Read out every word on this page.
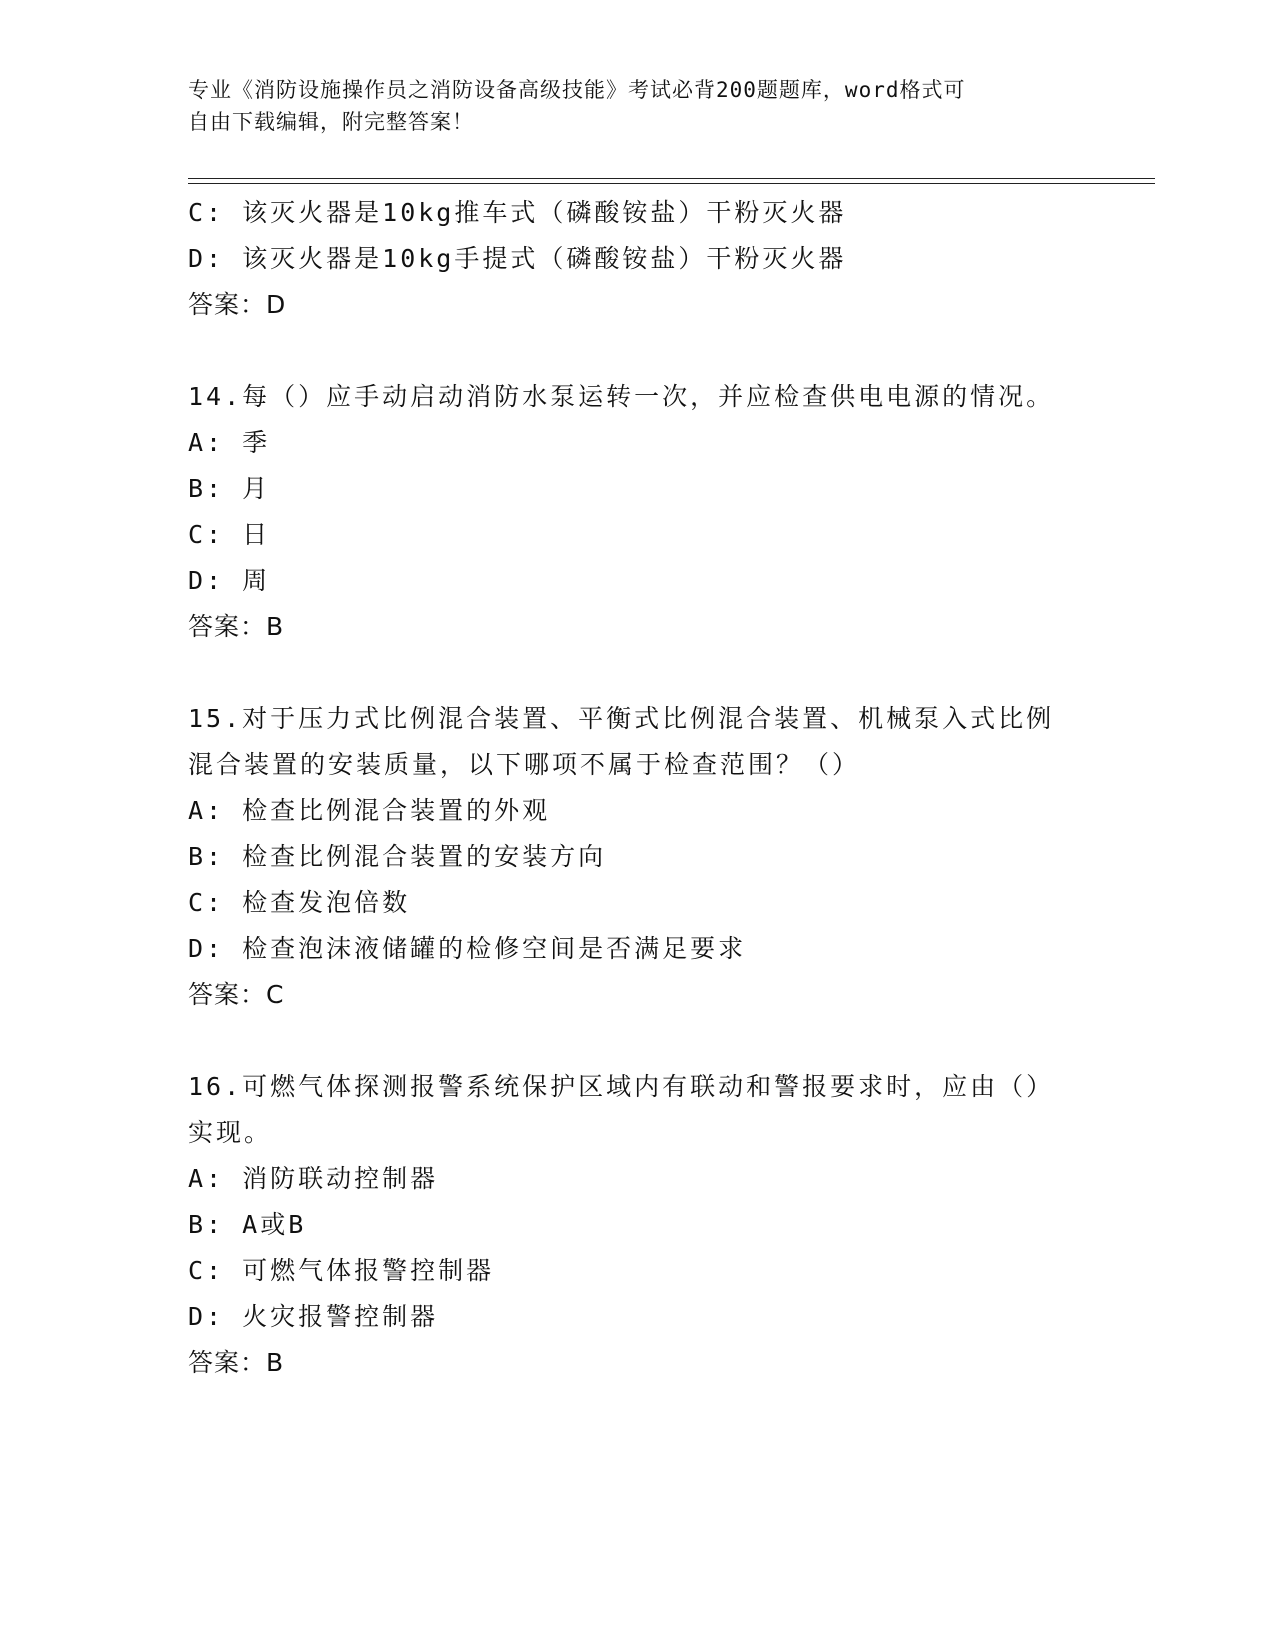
专业《消防设施操作员之消防设备高级技能》考试必背200题题库，word格式可
自由下载编辑，附完整答案！
C: 该灭火器是10kg推车式（磷酸铵盐）干粉灭火器
D: 该灭火器是10kg手提式（磷酸铵盐）干粉灭火器
答案：D
14.每（）应手动启动消防水泵运转一次，并应检查供电电源的情况。
A: 季
B: 月
C: 日
D: 周
答案：B
15.对于压力式比例混合装置、平衡式比例混合装置、机械泵入式比例
混合装置的安装质量，以下哪项不属于检查范围？（）
A: 检查比例混合装置的外观
B: 检查比例混合装置的安装方向
C: 检查发泡倍数
D: 检查泡沫液储罐的检修空间是否满足要求
答案：C
16.可燃气体探测报警系统保护区域内有联动和警报要求时，应由（）
实现。
A: 消防联动控制器
B: A或B
C: 可燃气体报警控制器
D: 火灾报警控制器
答案：B
